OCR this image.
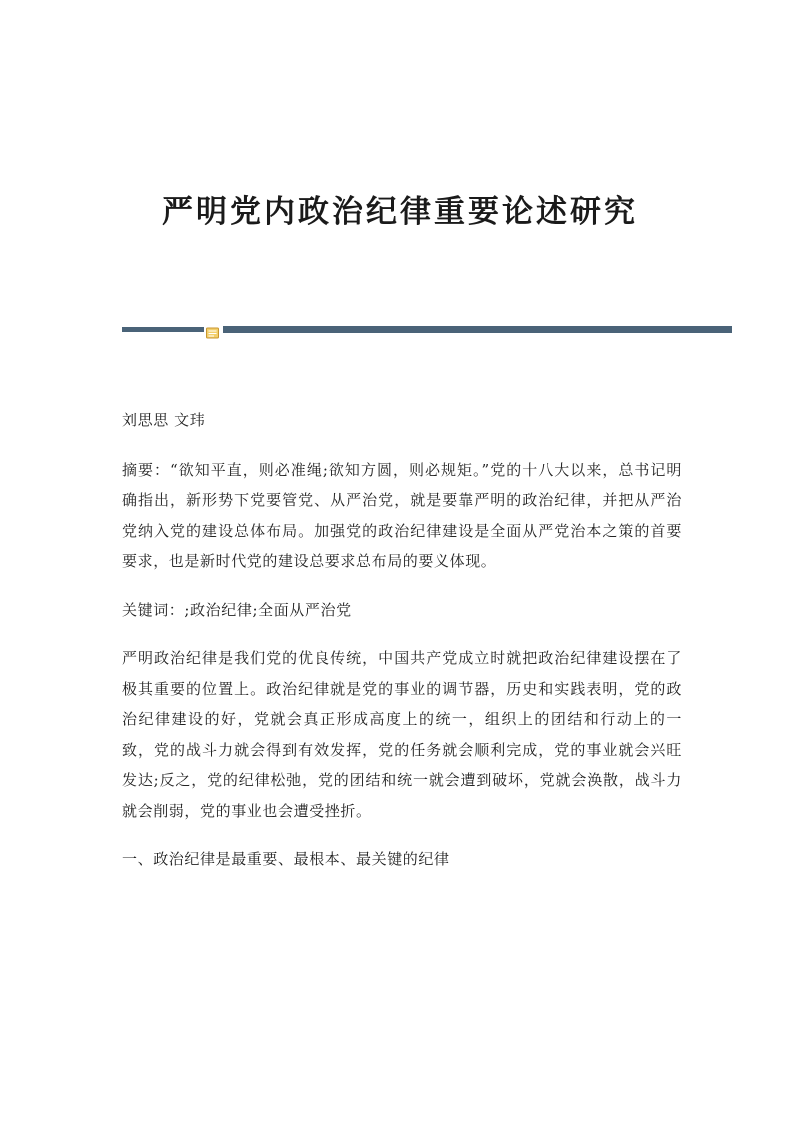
严明党内政治纪律重要论述研究

刘思思 文玮

摘要：“欲知平直，则必准绳;欲知方圆，则必规矩。”党的十八大以来，总书记明确指出，新形势下党要管党、从严治党，就是要靠严明的政治纪律，并把从严治党纳入党的建设总体布局。加强党的政治纪律建设是全面从严党治本之策的首要要求，也是新时代党的建设总要求总布局的要义体现。

关键词：;政治纪律;全面从严治党

严明政治纪律是我们党的优良传统，中国共产党成立时就把政治纪律建设摆在了极其重要的位置上。政治纪律就是党的事业的调节器，历史和实践表明，党的政治纪律建设的好，党就会真正形成高度上的统一，组织上的团结和行动上的一致，党的战斗力就会得到有效发挥，党的任务就会顺利完成，党的事业就会兴旺发达;反之，党的纪律松弛，党的团结和统一就会遭到破坏，党就会涣散，战斗力就会削弱，党的事业也会遭受挫折。

一、政治纪律是最重要、最根本、最关键的纪律
